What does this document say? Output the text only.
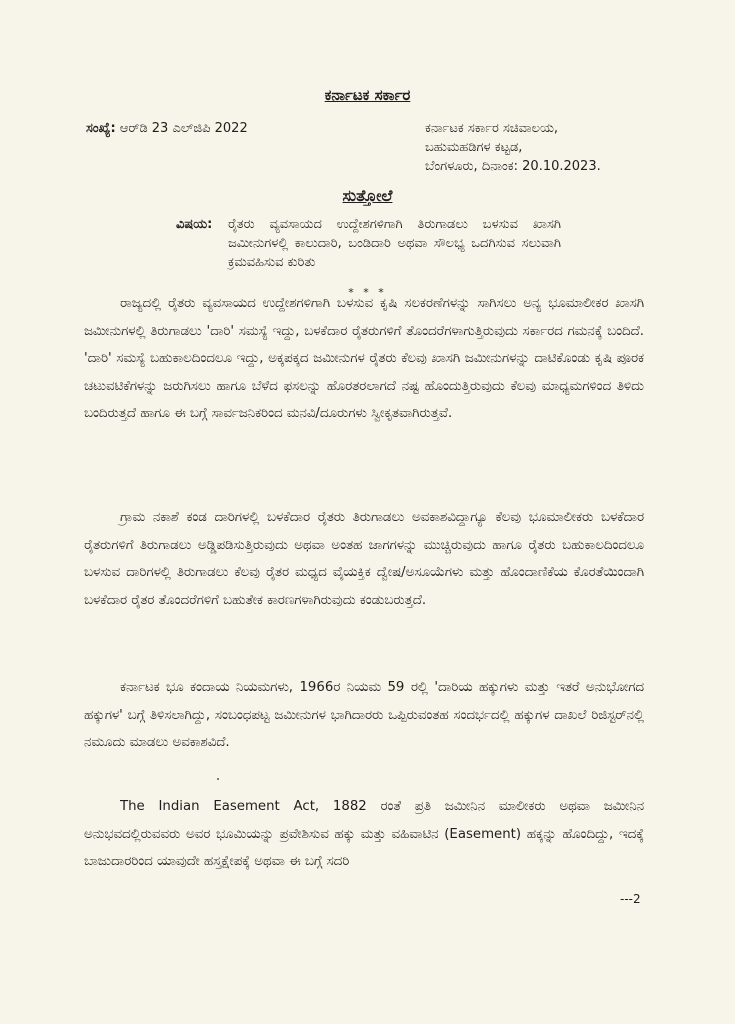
ಕರ್ನಾಟಕ ಸರ್ಕಾರ
ಸಂಖ್ಯೆ: ಆರ್‌ಡಿ 23 ಎಲ್‌ಜಿಪಿ 2022	ಕರ್ನಾಟಕ ಸರ್ಕಾರ ಸಚಿವಾಲಯ,
ಬಹುಮಹಡಿಗಳ ಕಟ್ಟಡ,
ಬೆಂಗಳೂರು, ದಿನಾಂಕ: 20.10.2023.
ಸುತ್ತೋಲೆ
ವಿಷಯ: ರೈತರು ವ್ಯವಸಾಯದ ಉದ್ದೇಶಗಳಿಗಾಗಿ ತಿರುಗಾಡಲು ಬಳಸುವ ಖಾಸಗಿ ಜಮೀನುಗಳಲ್ಲಿ ಕಾಲುದಾರಿ, ಬಂಡಿದಾರಿ ಅಥವಾ ಸೌಲಭ್ಯ ಒದಗಿಸುವ ಸಲುವಾಗಿ ಕ್ರಮವಹಿಸುವ ಕುರಿತು
* * *
ರಾಜ್ಯದಲ್ಲಿ ರೈತರು ವ್ಯವಸಾಯದ ಉದ್ದೇಶಗಳಿಗಾಗಿ ಬಳಸುವ ಕೃಷಿ ಸಲಕರಣೆಗಳನ್ನು ಸಾಗಿಸಲು ಅನ್ಯ ಭೂಮಾಲೀಕರ ಖಾಸಗಿ ಜಮೀನುಗಳಲ್ಲಿ ತಿರುಗಾಡಲು 'ದಾರಿ' ಸಮಸ್ಯೆ ಇದ್ದು, ಬಳಕೆದಾರ ರೈತರುಗಳಿಗೆ ತೊಂದರೆಗಳಾಗುತ್ತಿರುವುದು ಸರ್ಕಾರದ ಗಮನಕ್ಕೆ ಬಂದಿದೆ. 'ದಾರಿ' ಸಮಸ್ಯೆ ಬಹುಕಾಲದಿಂದಲೂ ಇದ್ದು, ಅಕ್ಕಪಕ್ಕದ ಜಮೀನುಗಳ ರೈತರು ಕೆಲವು ಖಾಸಗಿ ಜಮೀನುಗಳನ್ನು ದಾಟಿಕೊಂಡು ಕೃಷಿ ಪೂರಕ ಚಟುವಟಿಕೆಗಳನ್ನು ಜರುಗಿಸಲು ಹಾಗೂ ಬೆಳೆದ ಫಸಲನ್ನು ಹೊರತರಲಾಗದೆ ನಷ್ಟ ಹೊಂದುತ್ತಿರುವುದು ಕೆಲವು ಮಾಧ್ಯಮಗಳಿಂದ ತಿಳಿದು ಬಂದಿರುತ್ತದೆ ಹಾಗೂ ಈ ಬಗ್ಗೆ ಸಾರ್ವಜನಿಕರಿಂದ ಮನವಿ/ದೂರುಗಳು ಸ್ವೀಕೃತವಾಗಿರುತ್ತವೆ.
ಗ್ರಾಮ ನಕಾಶೆ ಕಂಡ ದಾರಿಗಳಲ್ಲಿ ಬಳಕೆದಾರ ರೈತರು ತಿರುಗಾಡಲು ಅವಕಾಶವಿದ್ದಾಗ್ಯೂ ಕೆಲವು ಭೂಮಾಲೀಕರು ಬಳಕೆದಾರ ರೈತರುಗಳಿಗೆ ತಿರುಗಾಡಲು ಅಡ್ಡಿಪಡಿಸುತ್ತಿರುವುದು ಅಥವಾ ಅಂತಹ ಜಾಗಗಳನ್ನು ಮುಚ್ಚಿರುವುದು ಹಾಗೂ ರೈತರು ಬಹುಕಾಲದಿಂದಲೂ ಬಳಸುವ ದಾರಿಗಳಲ್ಲಿ ತಿರುಗಾಡಲು ಕೆಲವು ರೈತರ ಮಧ್ಯದ ವೈಯಕ್ತಿಕ ದ್ವೇಷ/ಅಸೂಯೆಗಳು ಮತ್ತು ಹೊಂದಾಣಿಕೆಯ ಕೊರತೆಯಿಂದಾಗಿ ಬಳಕೆದಾರ ರೈತರ ತೊಂದರೆಗಳಿಗೆ ಬಹುತೇಕ ಕಾರಣಗಳಾಗಿರುವುದು ಕಂಡುಬರುತ್ತದೆ.
ಕರ್ನಾಟಕ ಭೂ ಕಂದಾಯ ನಿಯಮಗಳು, 1966ರ ನಿಯಮ 59 ರಲ್ಲಿ 'ದಾರಿಯ ಹಕ್ಕುಗಳು ಮತ್ತು ಇತರೆ ಅನುಭೋಗದ ಹಕ್ಕುಗಳ' ಬಗ್ಗೆ ತಿಳಿಸಲಾಗಿದ್ದು, ಸಂಬಂಧಪಟ್ಟ ಜಮೀನುಗಳ ಭಾಗಿದಾರರು ಒಪ್ಪಿರುವಂತಹ ಸಂದರ್ಭದಲ್ಲಿ ಹಕ್ಕುಗಳ ದಾಖಲೆ ರಿಜಿಸ್ಟರ್‌ನಲ್ಲಿ ನಮೂದು ಮಾಡಲು ಅವಕಾಶವಿದೆ.
The Indian Easement Act, 1882 ರಂತೆ ಪ್ರತಿ ಜಮೀನಿನ ಮಾಲೀಕರು ಅಥವಾ ಜಮೀನಿನ ಅನುಭವದಲ್ಲಿರುವವರು ಅವರ ಭೂಮಿಯನ್ನು ಪ್ರವೇಶಿಸುವ ಹಕ್ಕು ಮತ್ತು ವಹಿವಾಟಿನ (Easement) ಹಕ್ಕನ್ನು ಹೊಂದಿದ್ದು, ಇದಕ್ಕೆ ಬಾಜುದಾರರಿಂದ ಯಾವುದೇ ಹಸ್ತಕ್ಷೇಪಕ್ಕೆ ಅಥವಾ ಈ ಬಗ್ಗೆ ಸದರಿ
---2
